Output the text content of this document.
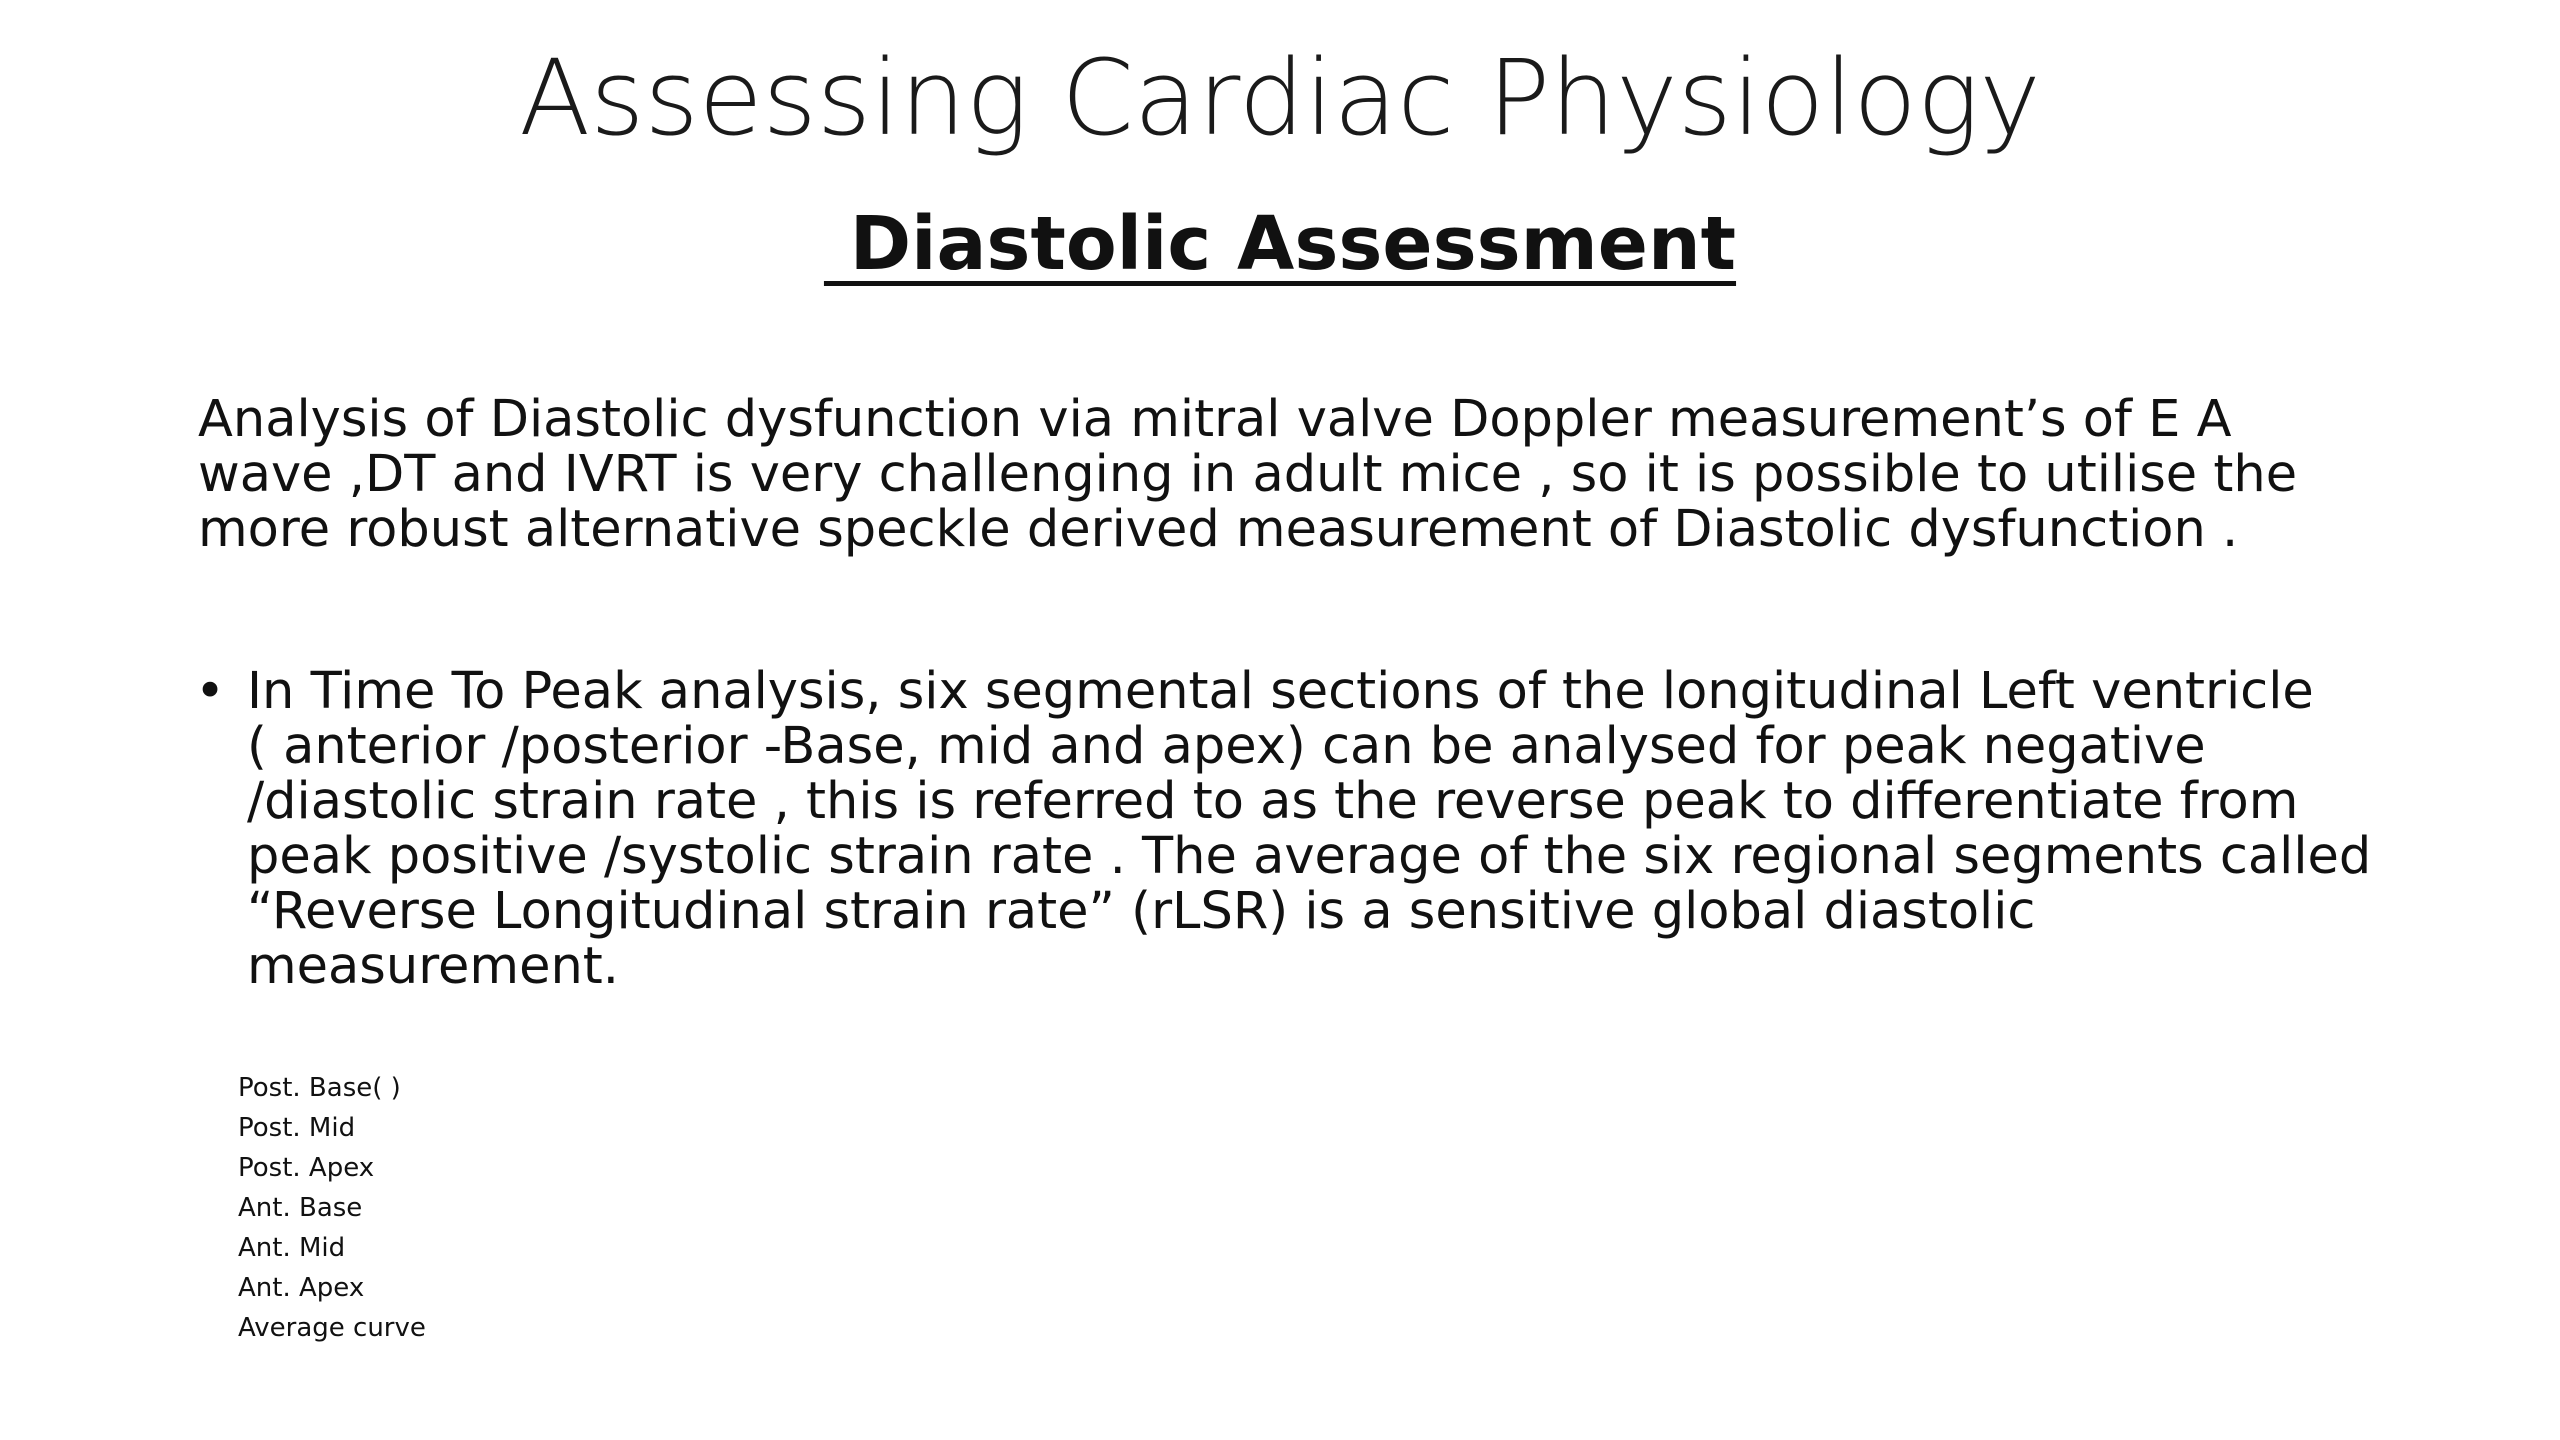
Assessing Cardiac Physiology
Diastolic Assessment

Analysis of Diastolic dysfunction via mitral valve Doppler measurement’s of E A
wave ,DT and IVRT is very challenging in adult mice , so it is possible to utilise the
more robust alternative speckle derived measurement of Diastolic dysfunction .

• In Time To Peak analysis, six segmental sections of the longitudinal Left ventricle
( anterior /posterior -Base, mid and apex) can be analysed for peak negative
/diastolic strain rate , this is referred to as the reverse peak to differentiate from
peak positive /systolic strain rate . The average of the six regional segments called
“Reverse Longitudinal strain rate” (rLSR) is a sensitive global diastolic
measurement.

Post. Base( )
Post. Mid
Post. Apex
Ant. Base
Ant. Mid
Ant. Apex
Average curve
